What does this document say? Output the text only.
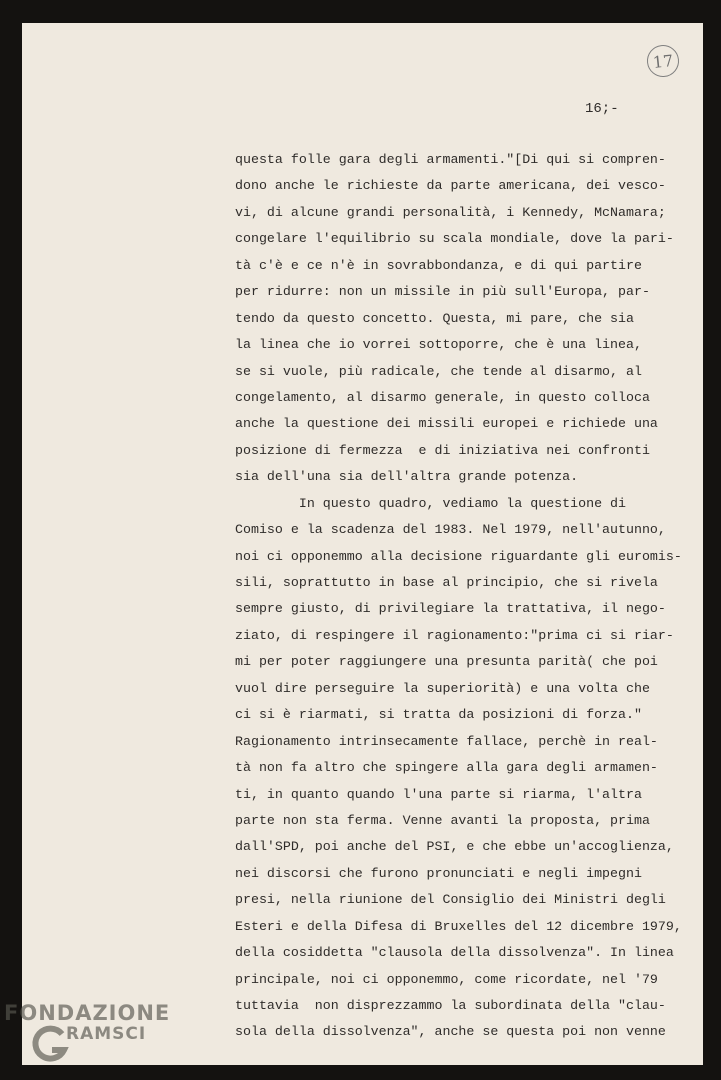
17
16;-
questa folle gara degli armamenti."[Di qui si compren-
dono anche le richieste da parte americana, dei vesco-
vi, di alcune grandi personalità, i Kennedy, McNamara;
congelare l'equilibrio su scala mondiale, dove la pari-
tà c'è e ce n'è in sovrabbondanza, e di qui partire
per ridurre: non un missile in più sull'Europa, par-
tendo da questo concetto. Questa, mi pare, che sia
la linea che io vorrei sottoporre, che è una linea,
se si vuole, più radicale, che tende al disarmo, al
congelamento, al disarmo generale, in questo colloca
anche la questione dei missili europei e richiede una
posizione di fermezza  e di iniziativa nei confronti
sia dell'una sia dell'altra grande potenza.
In questo quadro, vediamo la questione di
Comiso e la scadenza del 1983. Nel 1979, nell'autunno,
noi ci opponemmo alla decisione riguardante gli euromis-
sili, soprattutto in base al principio, che si rivela
sempre giusto, di privilegiare la trattativa, il nego-
ziato, di respingere il ragionamento:"prima ci si riar-
mi per poter raggiungere una presunta parità( che poi
vuol dire perseguire la superiorità) e una volta che
ci si è riarmati, si tratta da posizioni di forza."
Ragionamento intrinsecamente fallace, perchè in real-
tà non fa altro che spingere alla gara degli armamen-
ti, in quanto quando l'una parte si riarma, l'altra
parte non sta ferma. Venne avanti la proposta, prima
dall'SPD, poi anche del PSI, e che ebbe un'accoglienza,
nei discorsi che furono pronunciati e negli impegni
presi, nella riunione del Consiglio dei Ministri degli
Esteri e della Difesa di Bruxelles del 12 dicembre 1979,
della cosiddetta "clausola della dissolvenza". In linea
principale, noi ci opponemmo, come ricordate, nel '79
tuttavia  non disprezzammo la subordinata della "clau-
sola della dissolvenza", anche se questa poi non venne
FONDAZIONE
RAMSCI
